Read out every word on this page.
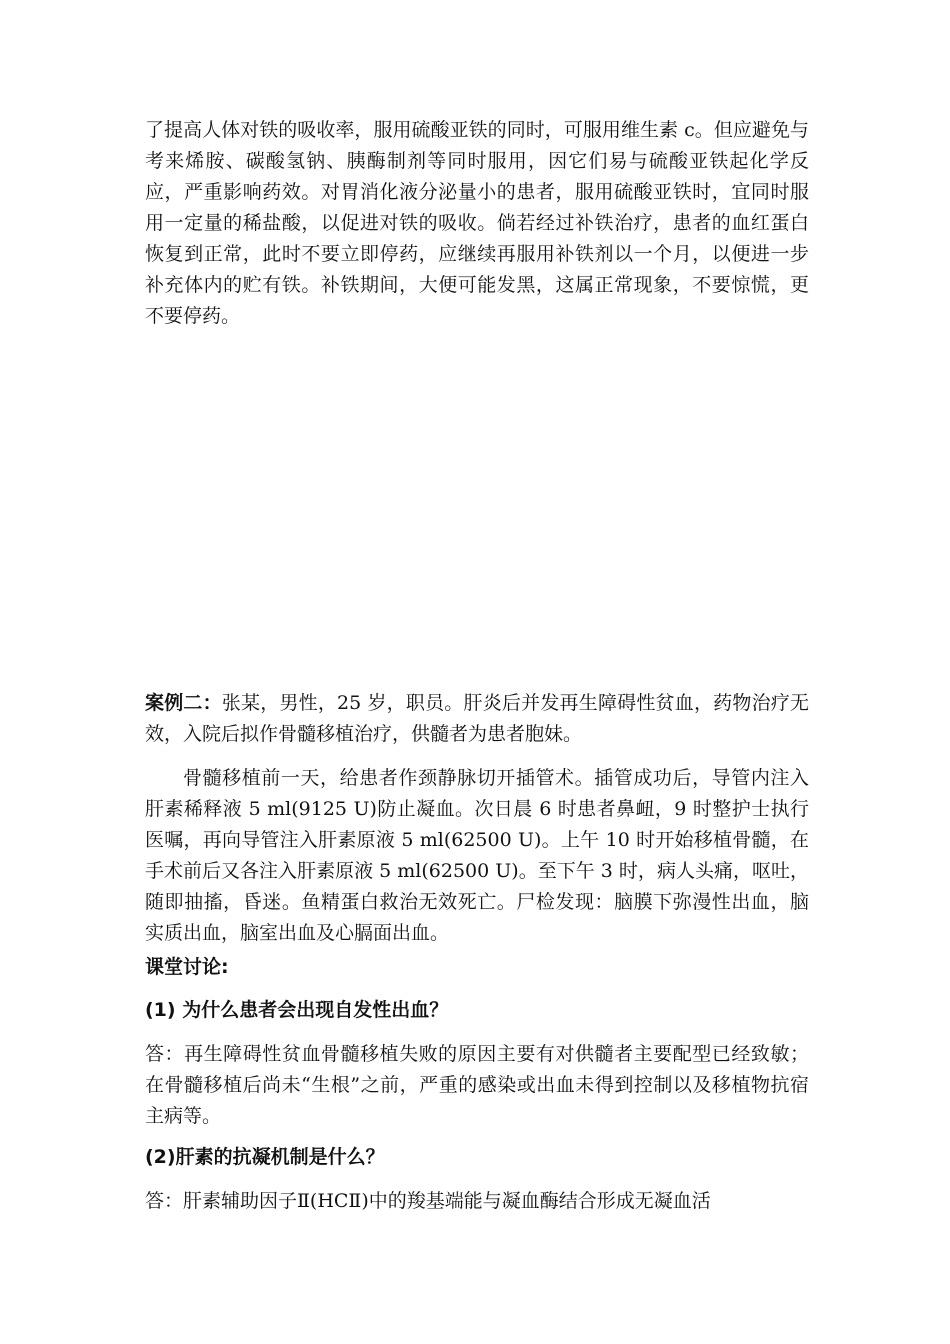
了提高人体对铁的吸收率，服用硫酸亚铁的同时，可服用维生素 c。但应避免与考来烯胺、碳酸氢钠、胰酶制剂等同时服用，因它们易与硫酸亚铁起化学反应，严重影响药效。对胃消化液分泌量小的患者，服用硫酸亚铁时，宜同时服用一定量的稀盐酸，以促进对铁的吸收。倘若经过补铁治疗，患者的血红蛋白恢复到正常，此时不要立即停药，应继续再服用补铁剂以一个月，以便进一步补充体内的贮有铁。补铁期间，大便可能发黑，这属正常现象，不要惊慌，更不要停药。

案例二：张某，男性，25 岁，职员。肝炎后并发再生障碍性贫血，药物治疗无效，入院后拟作骨髓移植治疗，供髓者为患者胞妹。

骨髓移植前一天，给患者作颈静脉切开插管术。插管成功后，导管内注入肝素稀释液 5 ml(9125 U)防止凝血。次日晨 6 时患者鼻衄，9 时整护士执行医嘱，再向导管注入肝素原液 5 ml(62500 U)。上午 10 时开始移植骨髓，在手术前后又各注入肝素原液 5 ml(62500 U)。至下午 3 时，病人头痛，呕吐，随即抽搐，昏迷。鱼精蛋白救治无效死亡。尸检发现：脑膜下弥漫性出血，脑实质出血，脑室出血及心膈面出血。

课堂讨论:

(1) 为什么患者会出现自发性出血？

答：再生障碍性贫血骨髓移植失败的原因主要有对供髓者主要配型已经致敏；在骨髓移植后尚未“生根”之前，严重的感染或出血未得到控制以及移植物抗宿主病等。

(2)肝素的抗凝机制是什么？

答：肝素辅助因子Ⅱ(HCⅡ)中的羧基端能与凝血酶结合形成无凝血活
